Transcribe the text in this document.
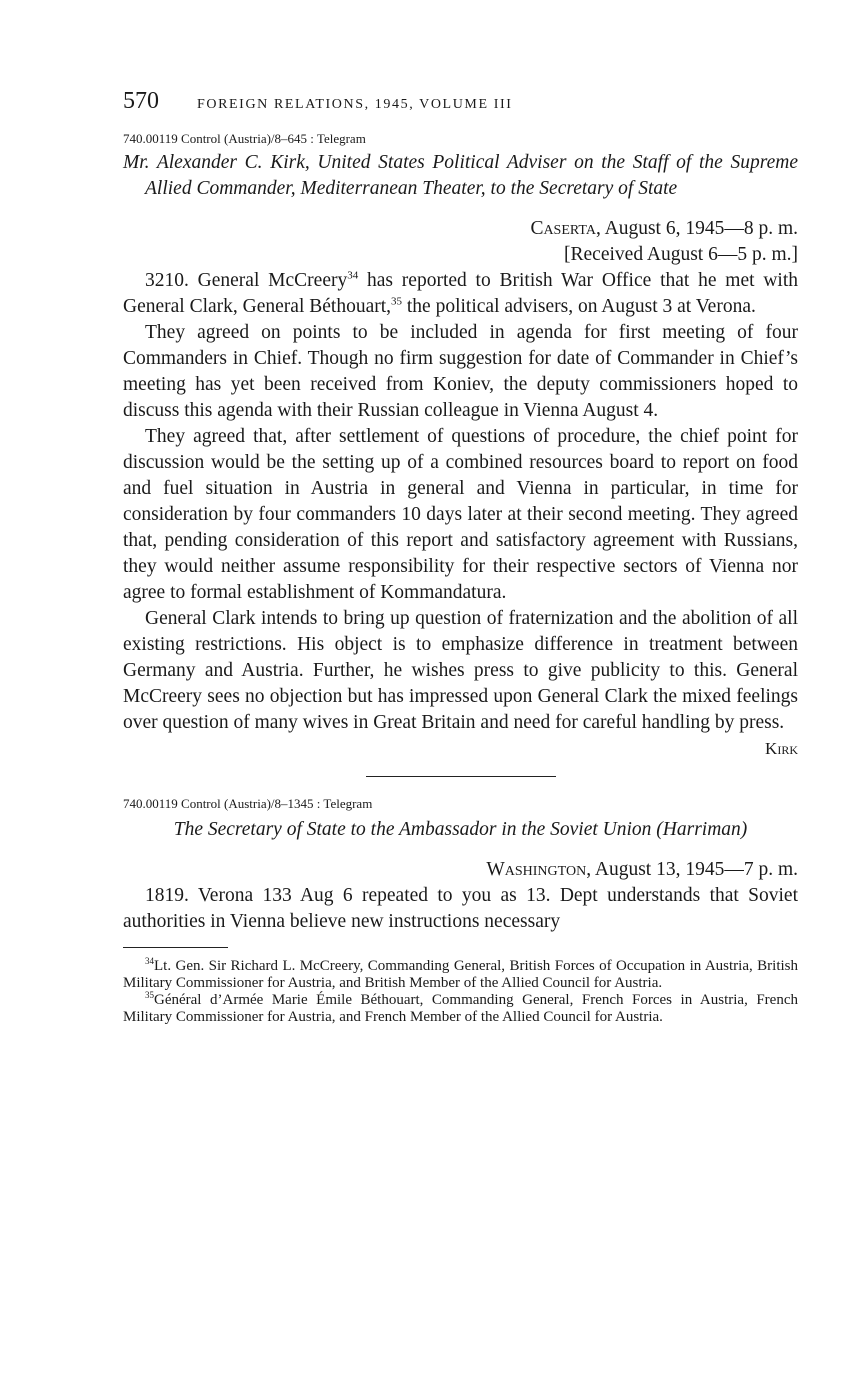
570	FOREIGN RELATIONS, 1945, VOLUME III
740.00119 Control (Austria)/8–645 : Telegram
Mr. Alexander C. Kirk, United States Political Adviser on the Staff of the Supreme Allied Commander, Mediterranean Theater, to the Secretary of State
Caserta, August 6, 1945—8 p. m.
[Received August 6—5 p. m.]

3210. General McCreery$^{34}$ has reported to British War Office that he met with General Clark, General Béthouart,$^{35}$ the political advisers, on August 3 at Verona.

They agreed on points to be included in agenda for first meeting of four Commanders in Chief. Though no firm suggestion for date of Commander in Chief’s meeting has yet been received from Koniev, the deputy commissioners hoped to discuss this agenda with their Russian colleague in Vienna August 4.

They agreed that, after settlement of questions of procedure, the chief point for discussion would be the setting up of a combined resources board to report on food and fuel situation in Austria in general and Vienna in particular, in time for consideration by four commanders 10 days later at their second meeting. They agreed that, pending consideration of this report and satisfactory agreement with Russians, they would neither assume responsibility for their respective sectors of Vienna nor agree to formal establishment of Kommandatura.

General Clark intends to bring up question of fraternization and the abolition of all existing restrictions. His object is to emphasize difference in treatment between Germany and Austria. Further, he wishes press to give publicity to this. General McCreery sees no objection but has impressed upon General Clark the mixed feelings over question of many wives in Great Britain and need for careful handling by press.

Kirk
740.00119 Control (Austria)/8–1345 : Telegram
The Secretary of State to the Ambassador in the Soviet Union (Harriman)
Washington, August 13, 1945—7 p. m.

1819. Verona 133 Aug 6 repeated to you as 13. Dept understands that Soviet authorities in Vienna believe new instructions necessary

$^{34}$Lt. Gen. Sir Richard L. McCreery, Commanding General, British Forces of Occupation in Austria, British Military Commissioner for Austria, and British Member of the Allied Council for Austria.

$^{35}$Général d’Armée Marie Émile Béthouart, Commanding General, French Forces in Austria, French Military Commissioner for Austria, and French Member of the Allied Council for Austria.
